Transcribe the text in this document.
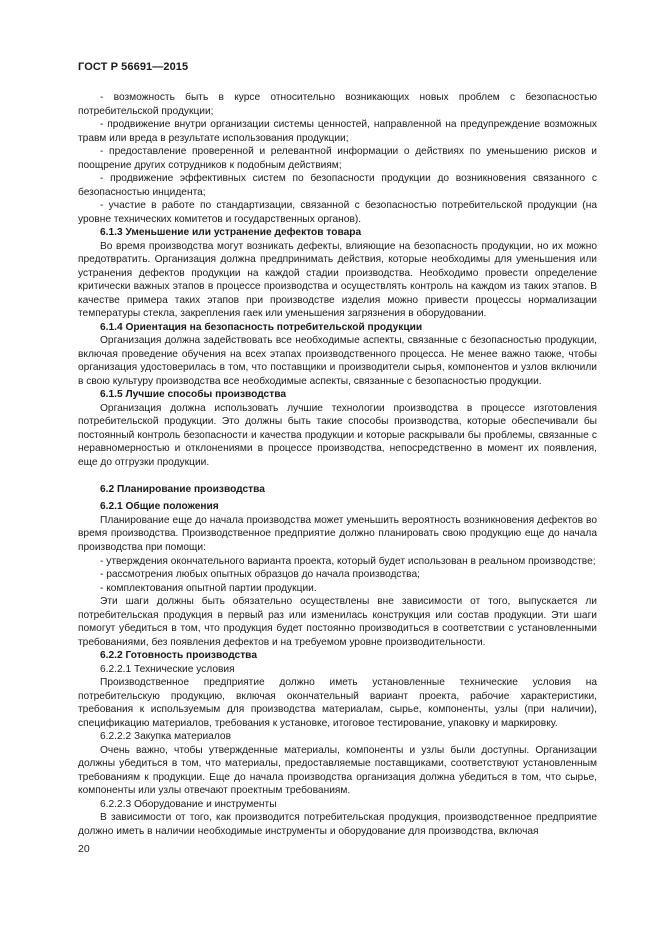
ГОСТ Р 56691—2015

- возможность быть в курсе относительно возникающих новых проблем с безопасностью потребительской продукции;

- продвижение внутри организации системы ценностей, направленной на предупреждение возможных травм или вреда в результате использования продукции;

- предоставление проверенной и релевантной информации о действиях по уменьшению рисков и поощрение других сотрудников к подобным действиям;

- продвижение эффективных систем по безопасности продукции до возникновения связанного с безопасностью инцидента;

- участие в работе по стандартизации, связанной с безопасностью потребительской продукции (на уровне технических комитетов и государственных органов).

6.1.3 Уменьшение или устранение дефектов товара

Во время производства могут возникать дефекты, влияющие на безопасность продукции, но их можно предотвратить. Организация должна предпринимать действия, которые необходимы для уменьшения или устранения дефектов продукции на каждой стадии производства. Необходимо провести определение критически важных этапов в процессе производства и осуществлять контроль на каждом из таких этапов. В качестве примера таких этапов при производстве изделия можно привести процессы нормализации температуры стекла, закрепления гаек или уменьшения загрязнения в оборудовании.

6.1.4 Ориентация на безопасность потребительской продукции

Организация должна задействовать все необходимые аспекты, связанные с безопасностью продукции, включая проведение обучения на всех этапах производственного процесса. Не менее важно также, чтобы организация удостоверилась в том, что поставщики и производители сырья, компонентов и узлов включили в свою культуру производства все необходимые аспекты, связанные с безопасностью продукции.

6.1.5 Лучшие способы производства

Организация должна использовать лучшие технологии производства в процессе изготовления потребительской продукции. Это должны быть такие способы производства, которые обеспечивали бы постоянный контроль безопасности и качества продукции и которые раскрывали бы проблемы, связанные с неравномерностью и отклонениями в процессе производства, непосредственно в момент их появления, еще до отгрузки продукции.

6.2 Планирование производства

6.2.1 Общие положения

Планирование еще до начала производства может уменьшить вероятность возникновения дефектов во время производства. Производственное предприятие должно планировать свою продукцию еще до начала производства при помощи:

- утверждения окончательного варианта проекта, который будет использован в реальном производстве;

- рассмотрения любых опытных образцов до начала производства;

- комплектования опытной партии продукции.

Эти шаги должны быть обязательно осуществлены вне зависимости от того, выпускается ли потребительская продукция в первый раз или изменилась конструкция или состав продукции. Эти шаги помогут убедиться в том, что продукция будет постоянно производиться в соответствии с установленными требованиями, без появления дефектов и на требуемом уровне производительности.

6.2.2 Готовность производства

6.2.2.1 Технические условия

Производственное предприятие должно иметь установленные технические условия на потребительскую продукцию, включая окончательный вариант проекта, рабочие характеристики, требования к используемым для производства материалам, сырье, компоненты, узлы (при наличии), спецификацию материалов, требования к установке, итоговое тестирование, упаковку и маркировку.

6.2.2.2 Закупка материалов

Очень важно, чтобы утвержденные материалы, компоненты и узлы были доступны. Организации должны убедиться в том, что материалы, предоставляемые поставщиками, соответствуют установленным требованиям к продукции. Еще до начала производства организация должна убедиться в том, что сырье, компоненты или узлы отвечают проектным требованиям.

6.2.2.3 Оборудование и инструменты

В зависимости от того, как производится потребительская продукция, производственное предприятие должно иметь в наличии необходимые инструменты и оборудование для производства, включая

20
